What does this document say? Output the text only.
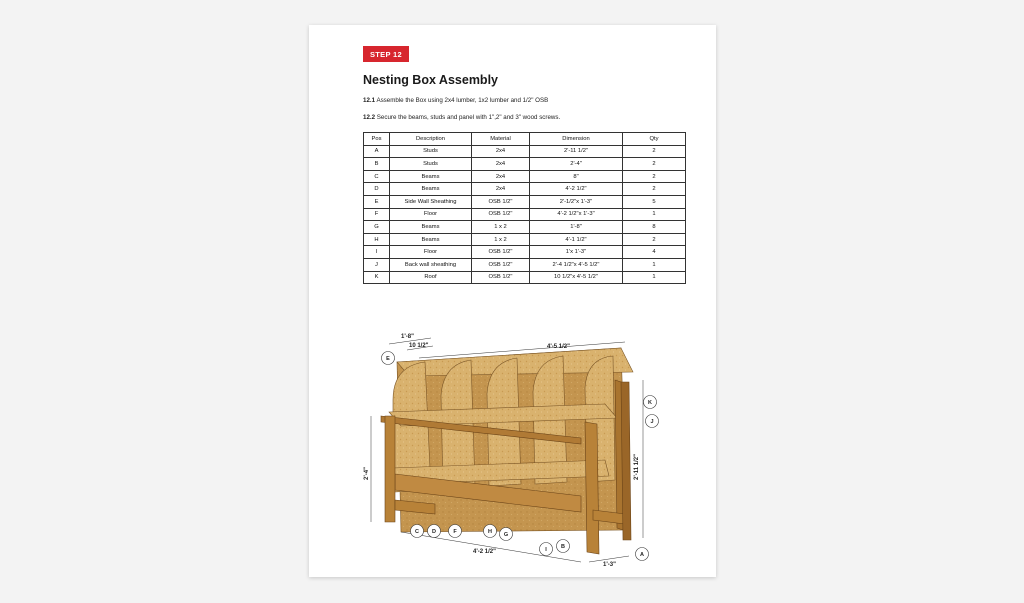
STEP 12
Nesting Box Assembly
12.1 Assemble the Box using 2x4 lumber, 1x2 lumber and 1/2" OSB
12.2 Secure the beams, studs and panel with 1",2" and 3" wood screws.
Pos	Description	Material	Dimension	Qty
A	Studs	2x4	2'-11 1/2"	2
B	Studs	2x4	2'-4"	2
C	Beams	2x4	8"	2
D	Beams	2x4	4'-2 1/2"	2
E	Side Wall Sheathing	OSB 1/2"	2'-1/2"x 1'-3"	5
F	Floor	OSB 1/2"	4'-2 1/2"x 1'-3"	1
G	Beams	1 x 2	1'-8"	8
H	Beams	1 x 2	4'-1 1/2"	2
I	Floor	OSB 1/2"	1'x 1'-3"	4
J	Back wall sheathing	OSB 1/2"	2'-4 1/2"x 4'-5 1/2"	1
K	Roof	OSB 1/2"	10 1/2"x 4'-5 1/2"	1
1'-8"
10 1/2"	4'-5 1/2"
2'-11 1/2"
2'-4"
4'-2 1/2"
1'-3"
E
K
J
C D	F	H G
I	B
A
